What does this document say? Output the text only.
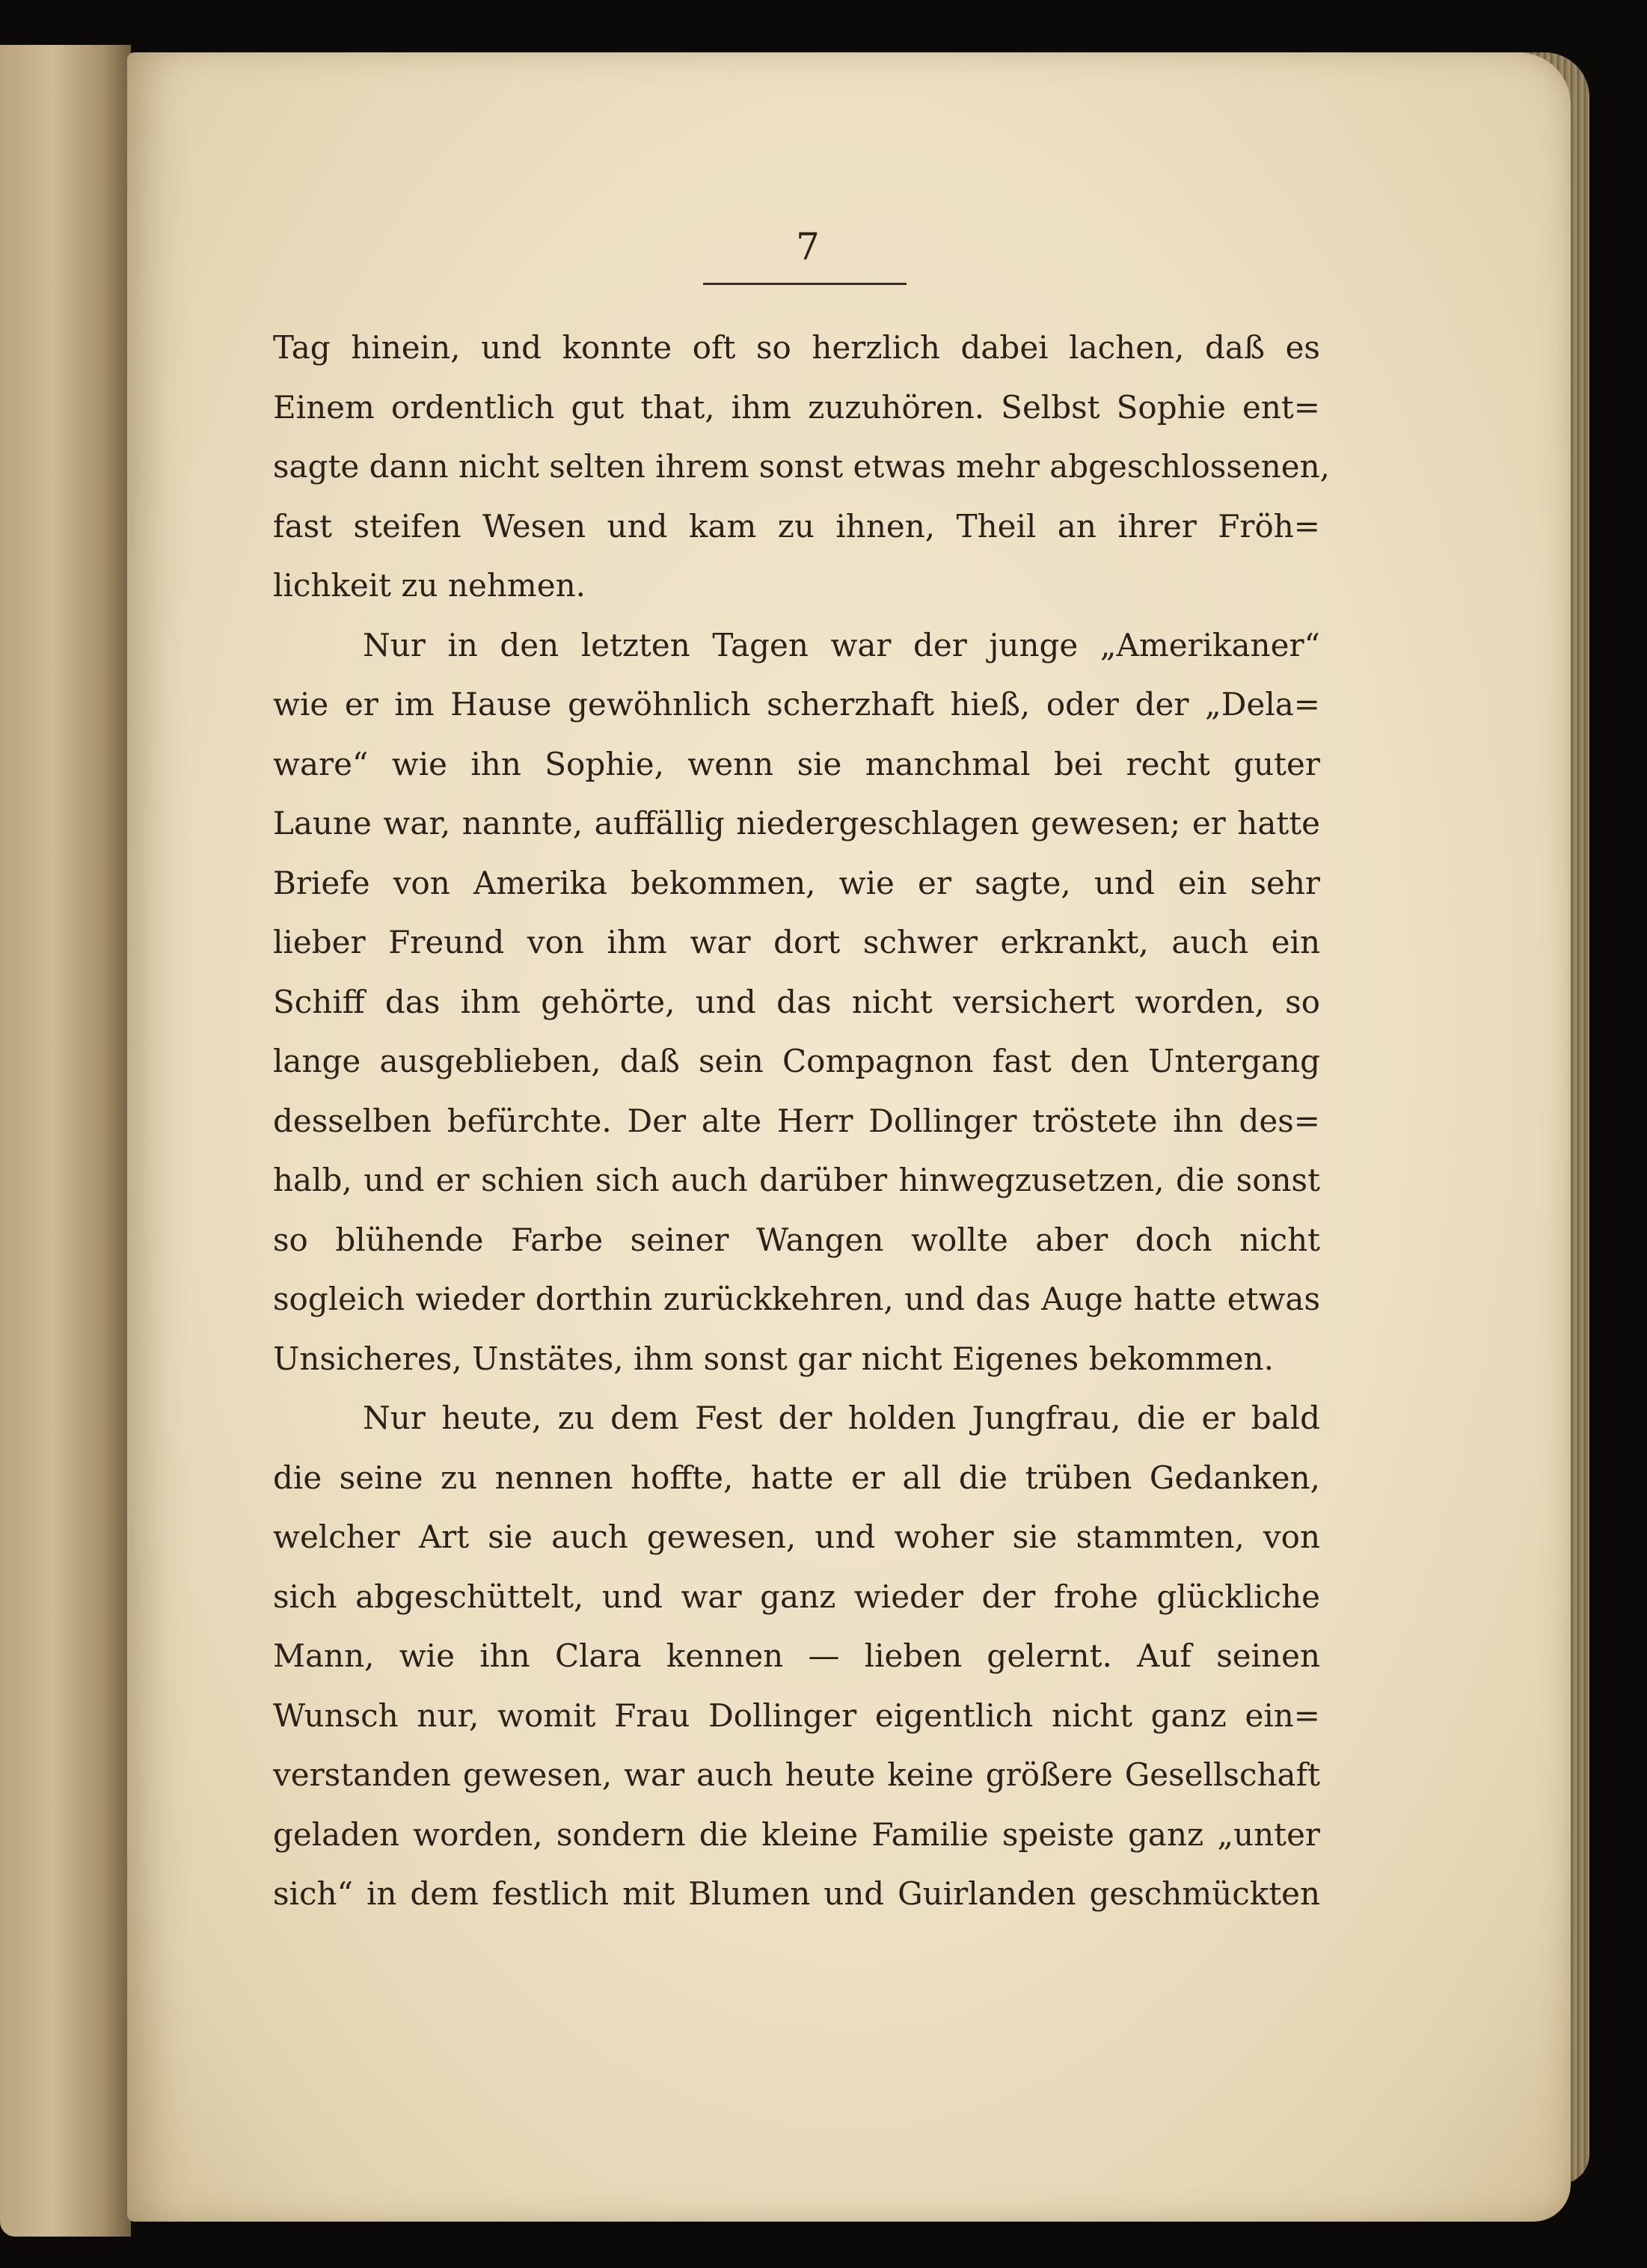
7
Tag hinein, und konnte oft so herzlich dabei lachen, daß es
Einem ordentlich gut that, ihm zuzuhören. Selbst Sophie ent=
sagte dann nicht selten ihrem sonst etwas mehr abgeschlossenen,
fast steifen Wesen und kam zu ihnen, Theil an ihrer Fröh=
lichkeit zu nehmen.
Nur in den letzten Tagen war der junge „Amerikaner“
wie er im Hause gewöhnlich scherzhaft hieß, oder der „Dela=
ware“ wie ihn Sophie, wenn sie manchmal bei recht guter
Laune war, nannte, auffällig niedergeschlagen gewesen; er hatte
Briefe von Amerika bekommen, wie er sagte, und ein sehr
lieber Freund von ihm war dort schwer erkrankt, auch ein
Schiff das ihm gehörte, und das nicht versichert worden, so
lange ausgeblieben, daß sein Compagnon fast den Untergang
desselben befürchte. Der alte Herr Dollinger tröstete ihn des=
halb, und er schien sich auch darüber hinwegzusetzen, die sonst
so blühende Farbe seiner Wangen wollte aber doch nicht
sogleich wieder dorthin zurückkehren, und das Auge hatte etwas
Unsicheres, Unstätes, ihm sonst gar nicht Eigenes bekommen.
Nur heute, zu dem Fest der holden Jungfrau, die er bald
die seine zu nennen hoffte, hatte er all die trüben Gedanken,
welcher Art sie auch gewesen, und woher sie stammten, von
sich abgeschüttelt, und war ganz wieder der frohe glückliche
Mann, wie ihn Clara kennen — lieben gelernt. Auf seinen
Wunsch nur, womit Frau Dollinger eigentlich nicht ganz ein=
verstanden gewesen, war auch heute keine größere Gesellschaft
geladen worden, sondern die kleine Familie speiste ganz „unter
sich“ in dem festlich mit Blumen und Guirlanden geschmückten
